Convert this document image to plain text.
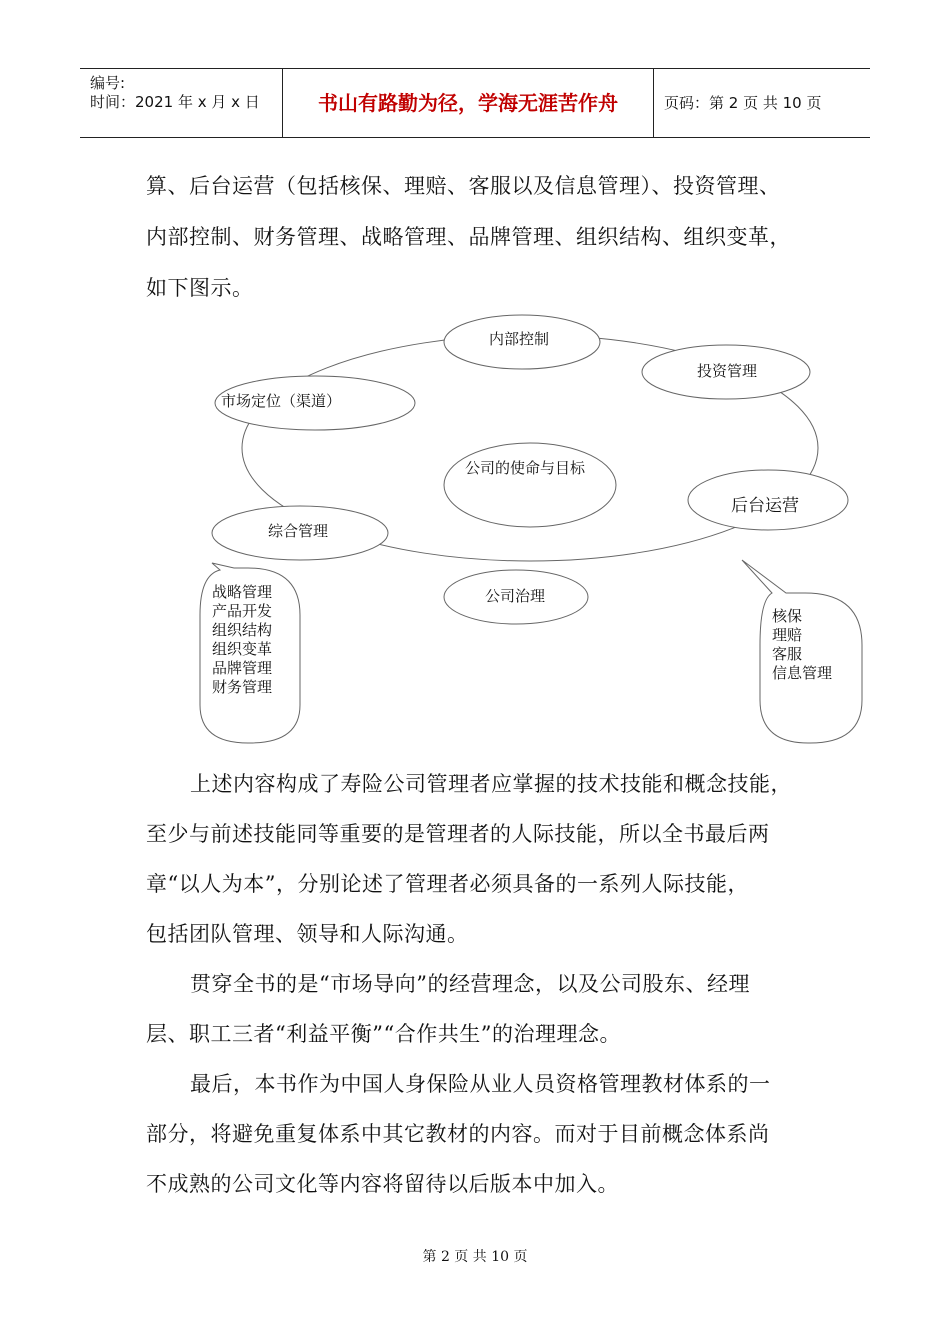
编号:
时间：2021 年 x 月 x 日	书山有路勤为径，学海无涯苦作舟	页码：第 2 页 共 10 页
算、后台运营（包括核保、理赔、客服以及信息管理）、投资管理、
内部控制、财务管理、战略管理、品牌管理、组织结构、组织变革，
如下图示。
内部控制
投资管理
市场定位（渠道）
公司的使命与目标
后台运营
综合管理
公司治理
战略管理
产品开发
组织结构
组织变革
品牌管理
财务管理
核保
理赔
客服
信息管理
上述内容构成了寿险公司管理者应掌握的技术技能和概念技能，
至少与前述技能同等重要的是管理者的人际技能，所以全书最后两
章“以人为本”，分别论述了管理者必须具备的一系列人际技能，
包括团队管理、领导和人际沟通。
贯穿全书的是“市场导向”的经营理念，以及公司股东、经理
层、职工三者“利益平衡”“合作共生”的治理理念。
最后，本书作为中国人身保险从业人员资格管理教材体系的一
部分，将避免重复体系中其它教材的内容。而对于目前概念体系尚
不成熟的公司文化等内容将留待以后版本中加入。
第 2 页 共 10 页
